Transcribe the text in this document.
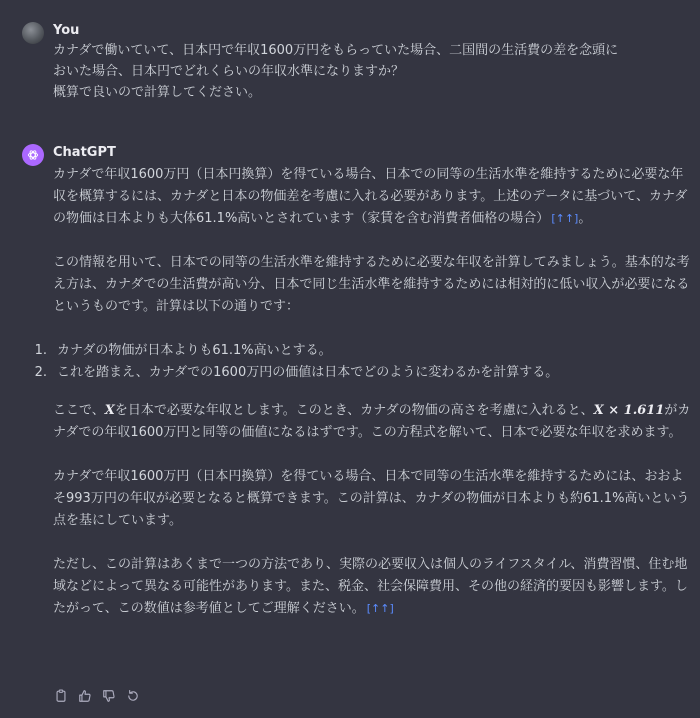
You
カナダで働いていて、日本円で年収1600万円をもらっていた場合、二国間の生活費の差を念頭に
おいた場合、日本円でどれくらいの年収水準になりますか？
概算で良いので計算してください。
ChatGPT

カナダで年収1600万円（日本円換算）を得ている場合、日本での同等の生活水準を維持するために必要な年収を概算するには、カナダと日本の物価差を考慮に入れる必要があります。上述のデータに基づいて、カナダの物価は日本よりも大体61.1%高いとされています（家賃を含む消費者価格の場合） [↑↑]。

この情報を用いて、日本での同等の生活水準を維持するために必要な年収を計算してみましょう。基本的な考え方は、カナダでの生活費が高い分、日本で同じ生活水準を維持するためには相対的に低い収入が必要になるというものです。計算は以下の通りです：

1. カナダの物価が日本よりも61.1%高いとする。
2. これを踏まえ、カナダでの1600万円の価値は日本でどのように変わるかを計算する。

ここで、Xを日本で必要な年収とします。このとき、カナダの物価の高さを考慮に入れると、X × 1.611がカナダでの年収1600万円と同等の価値になるはずです。この方程式を解いて、日本で必要な年収を求めます。

カナダで年収1600万円（日本円換算）を得ている場合、日本で同等の生活水準を維持するためには、おおよそ993万円の年収が必要となると概算できます。この計算は、カナダの物価が日本よりも約61.1%高いという点を基にしています。

ただし、この計算はあくまで一つの方法であり、実際の必要収入は個人のライフスタイル、消費習慣、住む地域などによって異なる可能性があります。また、税金、社会保障費用、その他の経済的要因も影響します。したがって、この数値は参考値としてご理解ください。 [↑↑]
